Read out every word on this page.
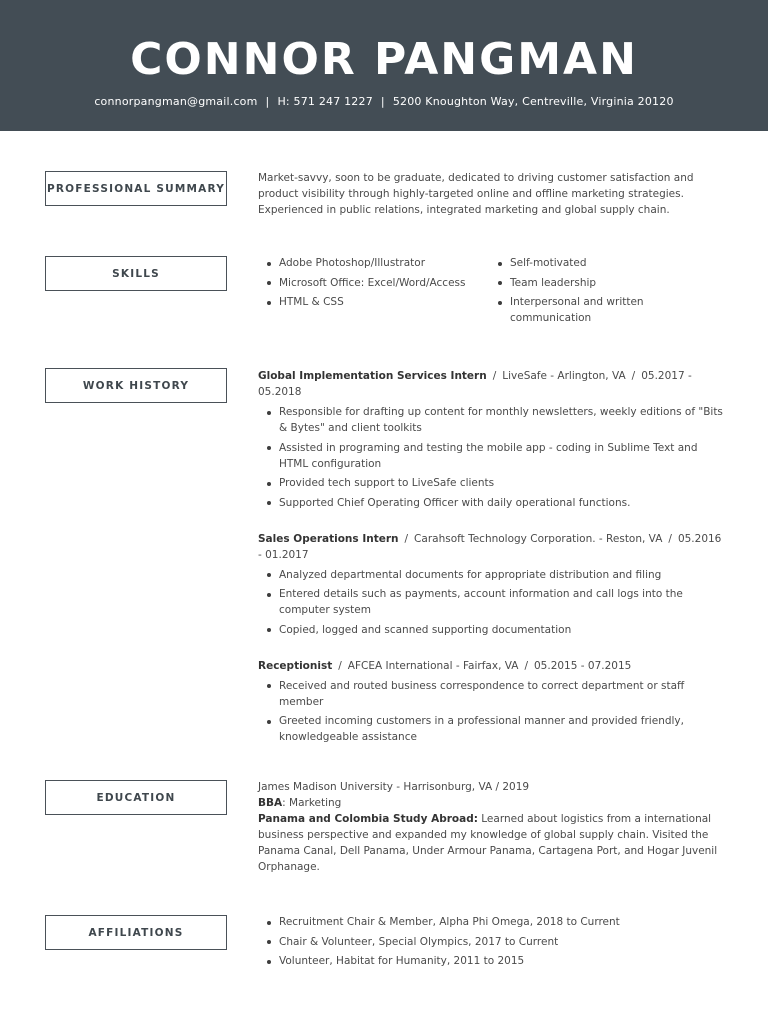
CONNOR PANGMAN
connorpangman@gmail.com | H: 571 247 1227 | 5200 Knoughton Way, Centreville, Virginia 20120
PROFESSIONAL SUMMARY
Market-savvy, soon to be graduate, dedicated to driving customer satisfaction and product visibility through highly-targeted online and offline marketing strategies. Experienced in public relations, integrated marketing and global supply chain.
SKILLS
Adobe Photoshop/Illustrator
Microsoft Office: Excel/Word/Access
HTML & CSS
Self-motivated
Team leadership
Interpersonal and written communication
WORK HISTORY
Global Implementation Services Intern / LiveSafe - Arlington, VA / 05.2017 - 05.2018
Responsible for drafting up content for monthly newsletters, weekly editions of "Bits & Bytes" and client toolkits
Assisted in programing and testing the mobile app - coding in Sublime Text and HTML configuration
Provided tech support to LiveSafe clients
Supported Chief Operating Officer with daily operational functions.
Sales Operations Intern / Carahsoft Technology Corporation. - Reston, VA / 05.2016 - 01.2017
Analyzed departmental documents for appropriate distribution and filing
Entered details such as payments, account information and call logs into the computer system
Copied, logged and scanned supporting documentation
Receptionist / AFCEA International - Fairfax, VA / 05.2015 - 07.2015
Received and routed business correspondence to correct department or staff member
Greeted incoming customers in a professional manner and provided friendly, knowledgeable assistance
EDUCATION
James Madison University - Harrisonburg, VA / 2019
BBA: Marketing
Panama and Colombia Study Abroad: Learned about logistics from a international business perspective and expanded my knowledge of global supply chain. Visited the Panama Canal, Dell Panama, Under Armour Panama, Cartagena Port, and Hogar Juvenil Orphanage.
AFFILIATIONS
Recruitment Chair & Member, Alpha Phi Omega, 2018 to Current
Chair & Volunteer, Special Olympics, 2017 to Current
Volunteer, Habitat for Humanity, 2011 to 2015
